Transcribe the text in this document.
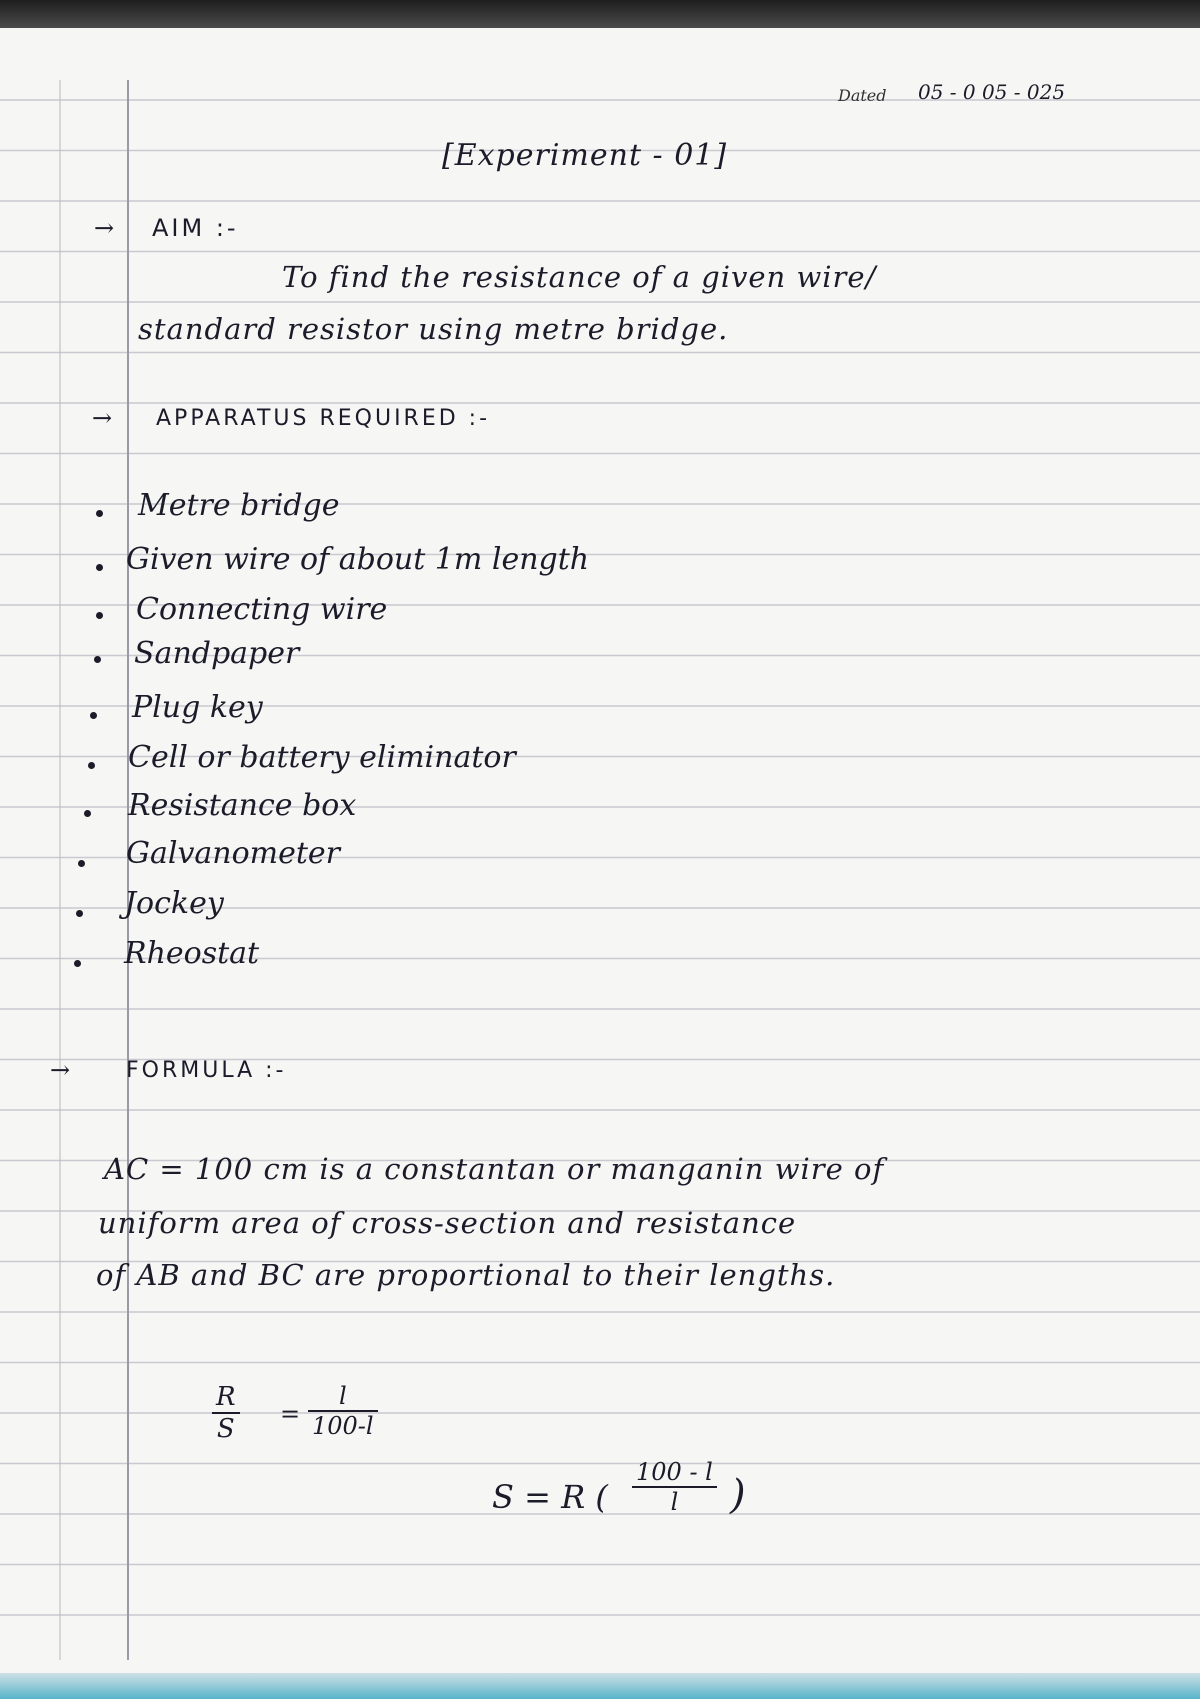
Dated 05 - 0 05 - 025
[Experiment - 01]
→ AIM :-
To find the resistance of a given wire/
standard resistor using metre bridge.
→ APPARATUS REQUIRED :-
Metre bridge
Given wire of about 1m length
Connecting wire
Sandpaper
Plug key
Cell or battery eliminator
Resistance box
Galvanometer
Jockey
Rheostat
→	FORMULA :-
AC = 100 cm is a constantan or manganin wire of
uniform area of cross-section and resistance
of AB and BC are proportional to their lengths.
$\frac{R}{S} = \frac{l}{100-l}$
S = R ( $\frac{100 - l}{l}$ )
